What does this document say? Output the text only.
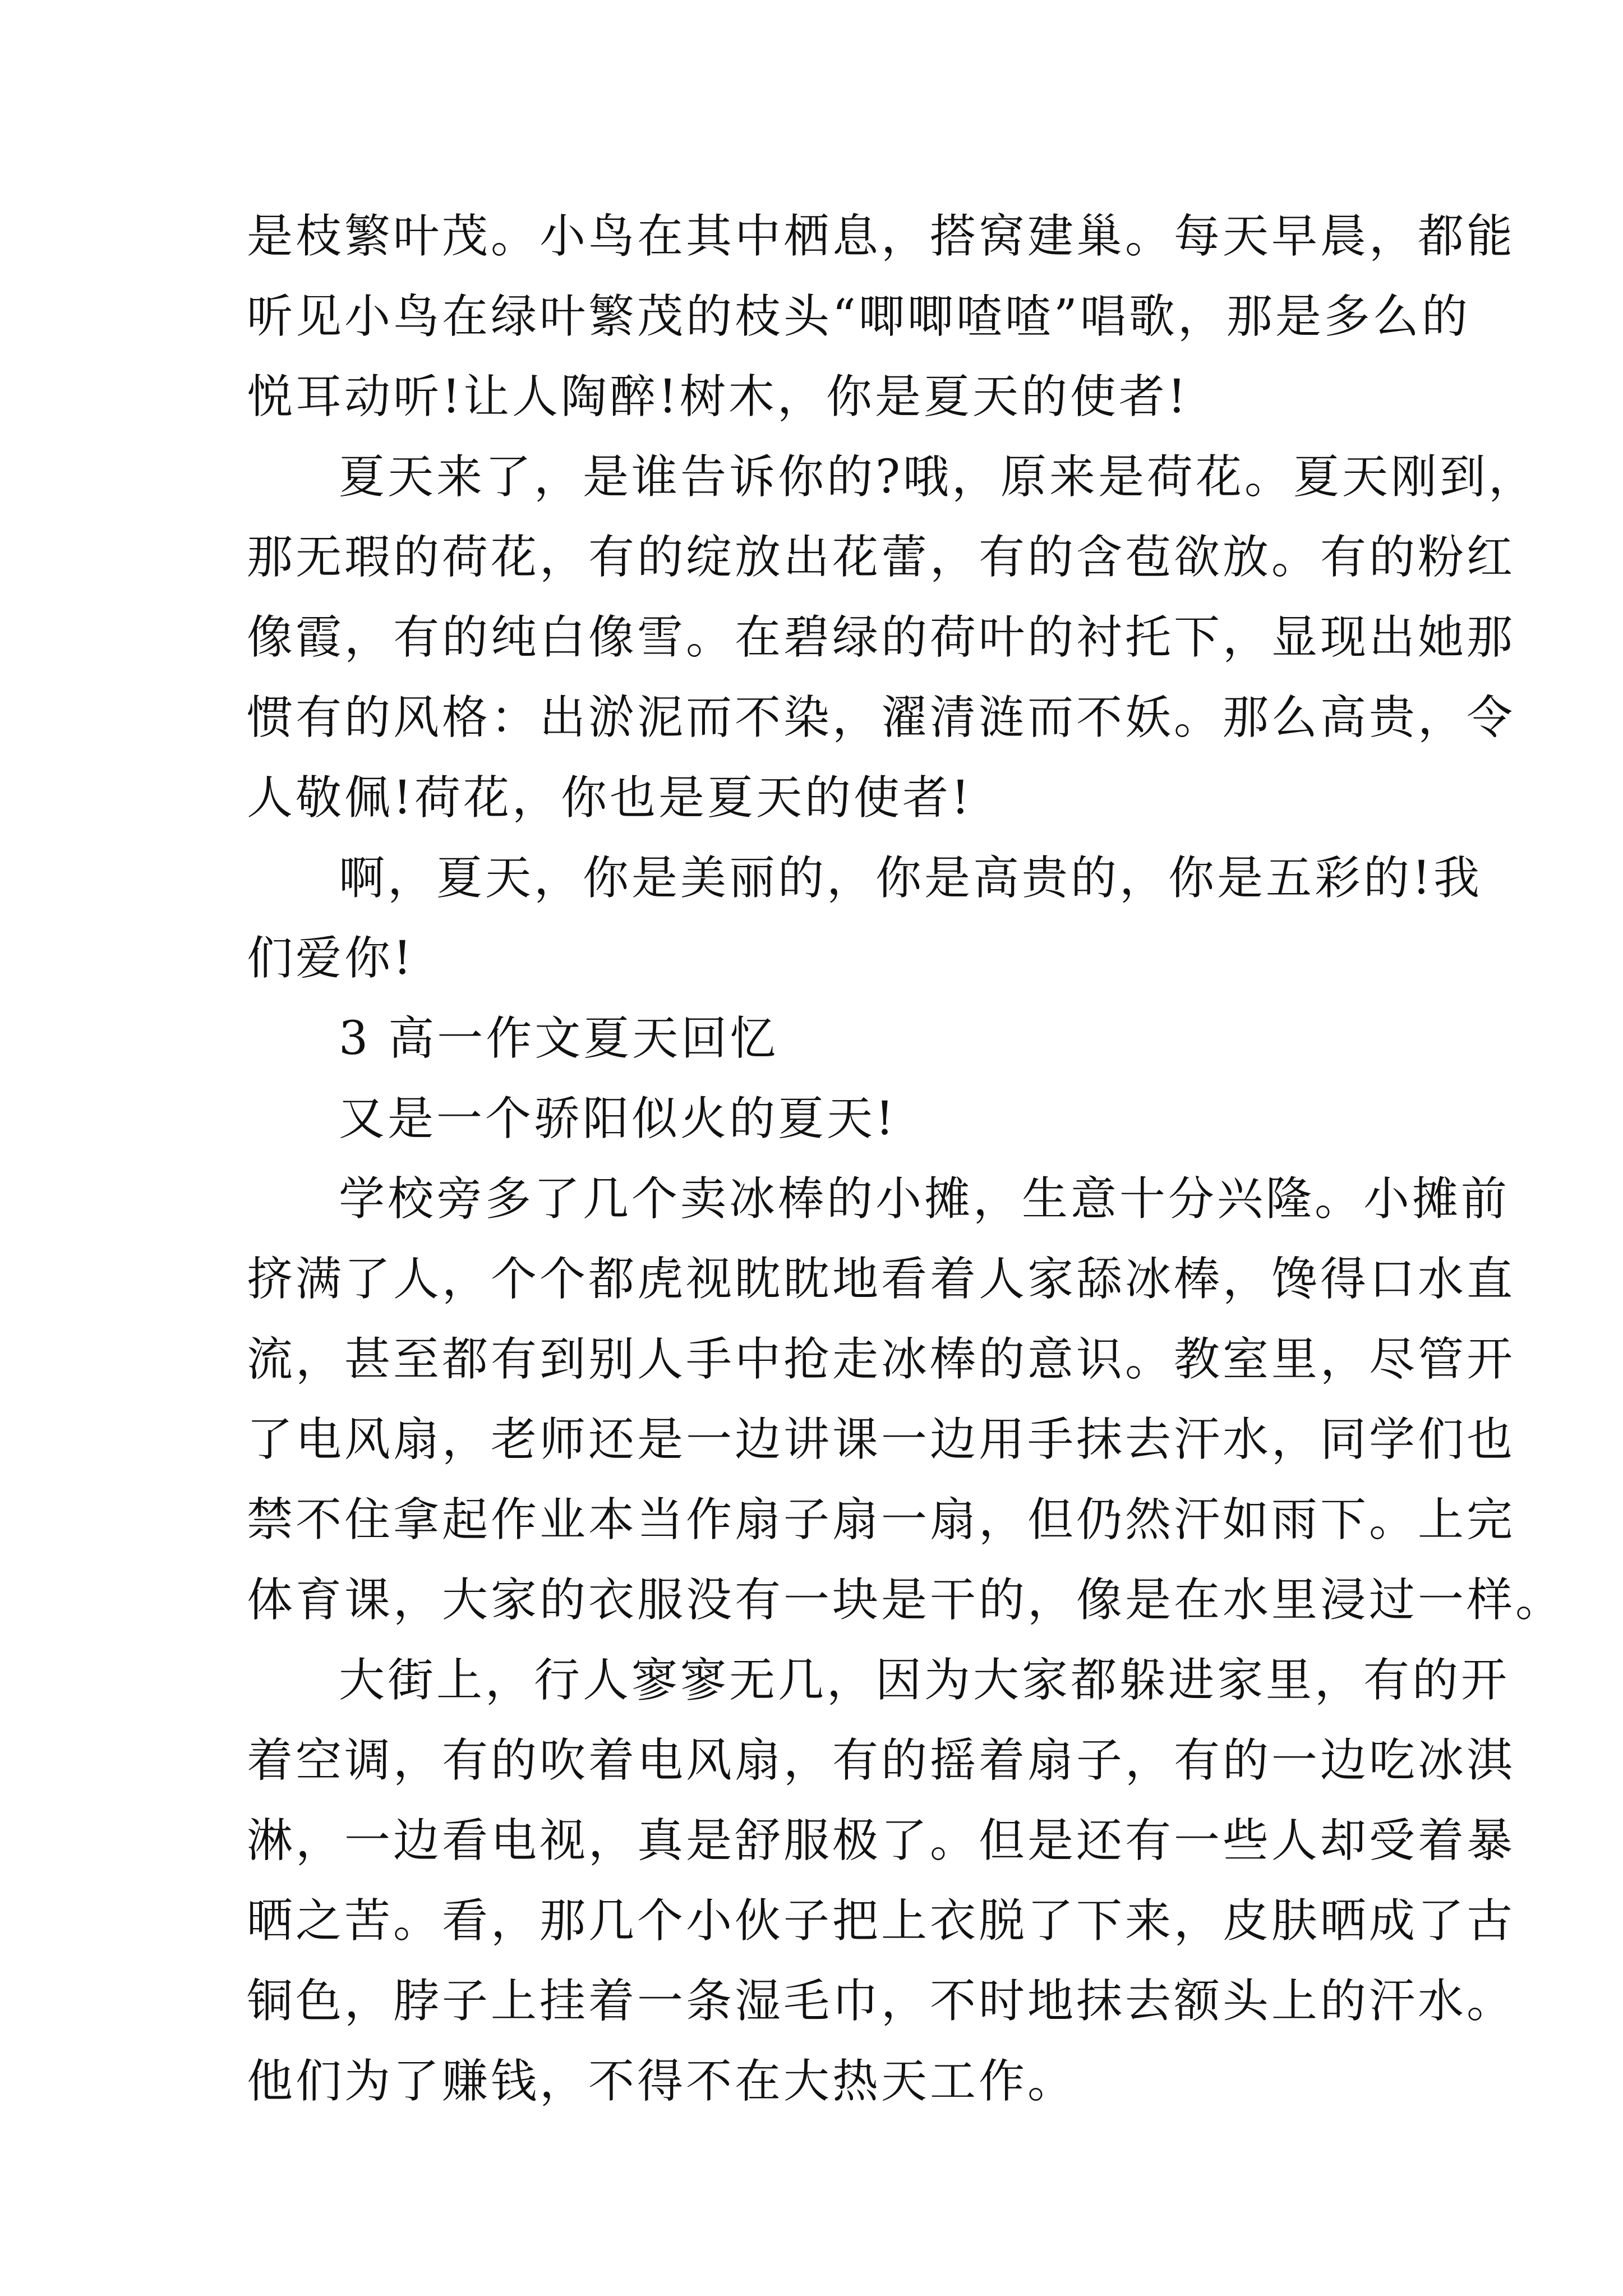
是枝繁叶茂。小鸟在其中栖息，搭窝建巢。每天早晨，都能
听见小鸟在绿叶繁茂的枝头“唧唧喳喳”唱歌，那是多么的
悦耳动听!让人陶醉!树木，你是夏天的使者!
夏天来了，是谁告诉你的?哦，原来是荷花。夏天刚到，
那无瑕的荷花，有的绽放出花蕾，有的含苞欲放。有的粉红
像霞，有的纯白像雪。在碧绿的荷叶的衬托下，显现出她那
惯有的风格：出淤泥而不染，濯清涟而不妖。那么高贵，令
人敬佩!荷花，你也是夏天的使者!
啊，夏天，你是美丽的，你是高贵的，你是五彩的!我
们爱你!
3 高一作文夏天回忆
又是一个骄阳似火的夏天!
学校旁多了几个卖冰棒的小摊，生意十分兴隆。小摊前
挤满了人，个个都虎视眈眈地看着人家舔冰棒，馋得口水直
流，甚至都有到别人手中抢走冰棒的意识。教室里，尽管开
了电风扇，老师还是一边讲课一边用手抹去汗水，同学们也
禁不住拿起作业本当作扇子扇一扇，但仍然汗如雨下。上完
体育课，大家的衣服没有一块是干的，像是在水里浸过一样。
大街上，行人寥寥无几，因为大家都躲进家里，有的开
着空调，有的吹着电风扇，有的摇着扇子，有的一边吃冰淇
淋，一边看电视，真是舒服极了。但是还有一些人却受着暴
晒之苦。看，那几个小伙子把上衣脱了下来，皮肤晒成了古
铜色，脖子上挂着一条湿毛巾，不时地抹去额头上的汗水。
他们为了赚钱，不得不在大热天工作。
